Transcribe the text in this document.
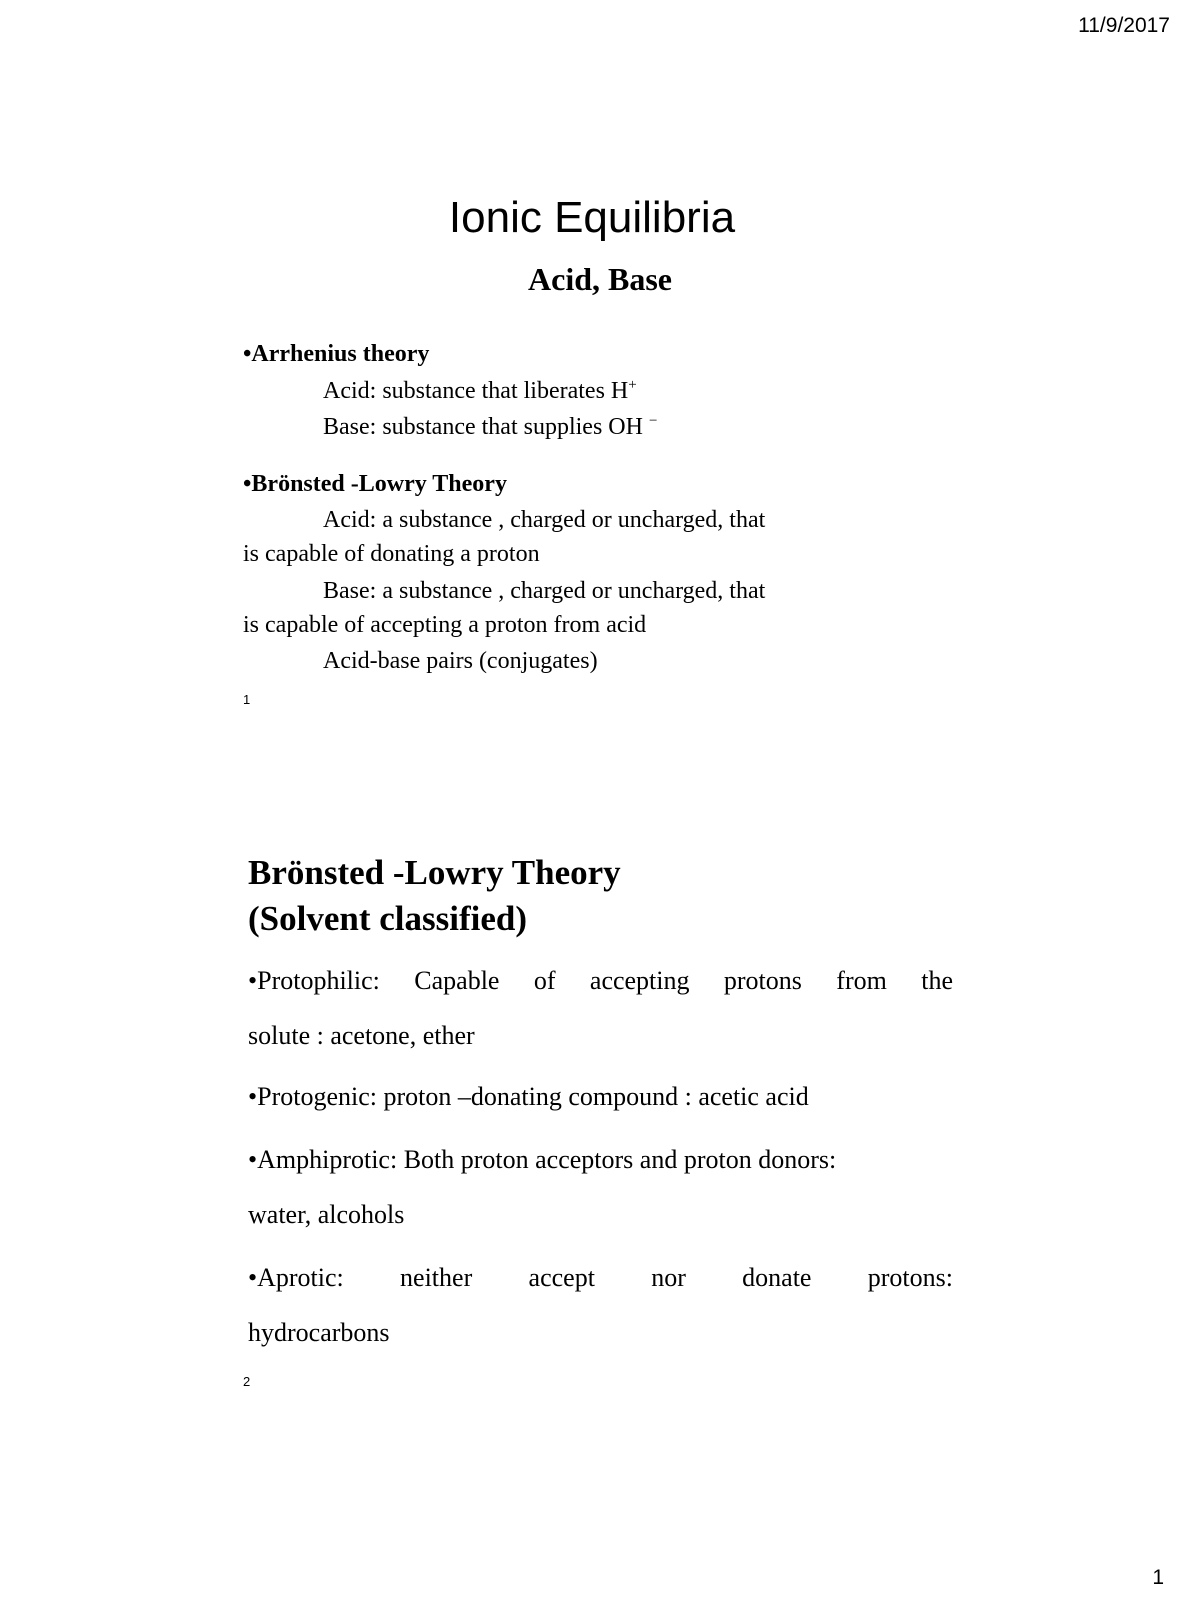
11/9/2017
Ionic Equilibria
Acid, Base
•Arrhenius theory
Acid: substance that liberates H+
Base: substance that supplies OH −
•Brönsted -Lowry Theory
Acid: a substance , charged or uncharged, that
is capable of donating a proton
Base: a substance , charged or uncharged, that
is capable of accepting a proton from acid
Acid-base pairs (conjugates)
1
Brönsted -Lowry Theory
(Solvent classified)
•Protophilic: Capable of accepting protons from the
solute : acetone, ether
•Protogenic: proton –donating compound : acetic acid
•Amphiprotic: Both proton acceptors and proton donors:
water, alcohols
•Aprotic: neither accept nor donate protons:
hydrocarbons
2
1
